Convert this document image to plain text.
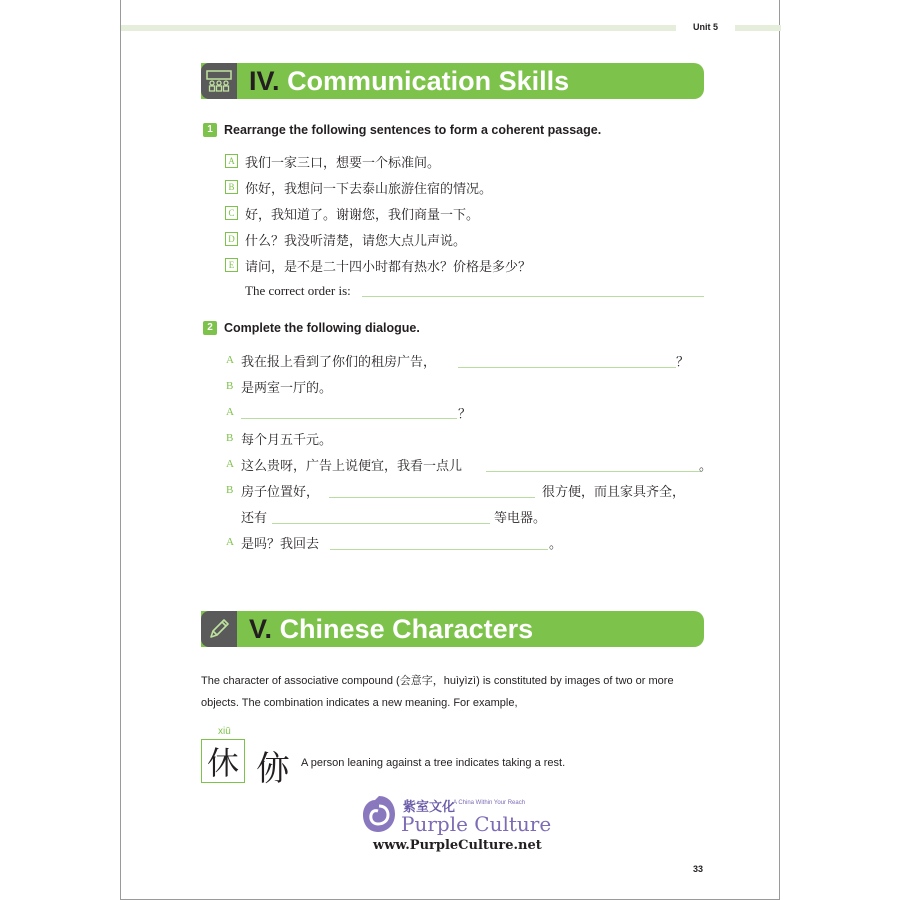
Unit 5
IV. Communication Skills
1 Rearrange the following sentences to form a coherent passage.
A 我们一家三口，想要一个标准间。
B 你好，我想问一下去泰山旅游住宿的情况。
C 好，我知道了。谢谢您，我们商量一下。
D 什么？我没听清楚，请您大点儿声说。
E 请问，是不是二十四小时都有热水？价格是多少？
The correct order is:
2 Complete the following dialogue.
A 我在报上看到了你们的租房广告，	？
B 是两室一厅的。
A	？
B 每个月五千元。
A 这么贵呀，广告上说便宜，我看一点儿	。
B 房子位置好，	很方便，而且家具齐全，
还有	等电器。
A 是吗？我回去	。
V. Chinese Characters
The character of associative compound (会意字，huìyìzì) is constituted by images of two or more objects. The combination indicates a new meaning. For example,
xiū
休 㑊 A person leaning against a tree indicates taking a rest.
紫室文化
A China Within Your Reach
Purple Culture
www.PurpleCulture.net
33
